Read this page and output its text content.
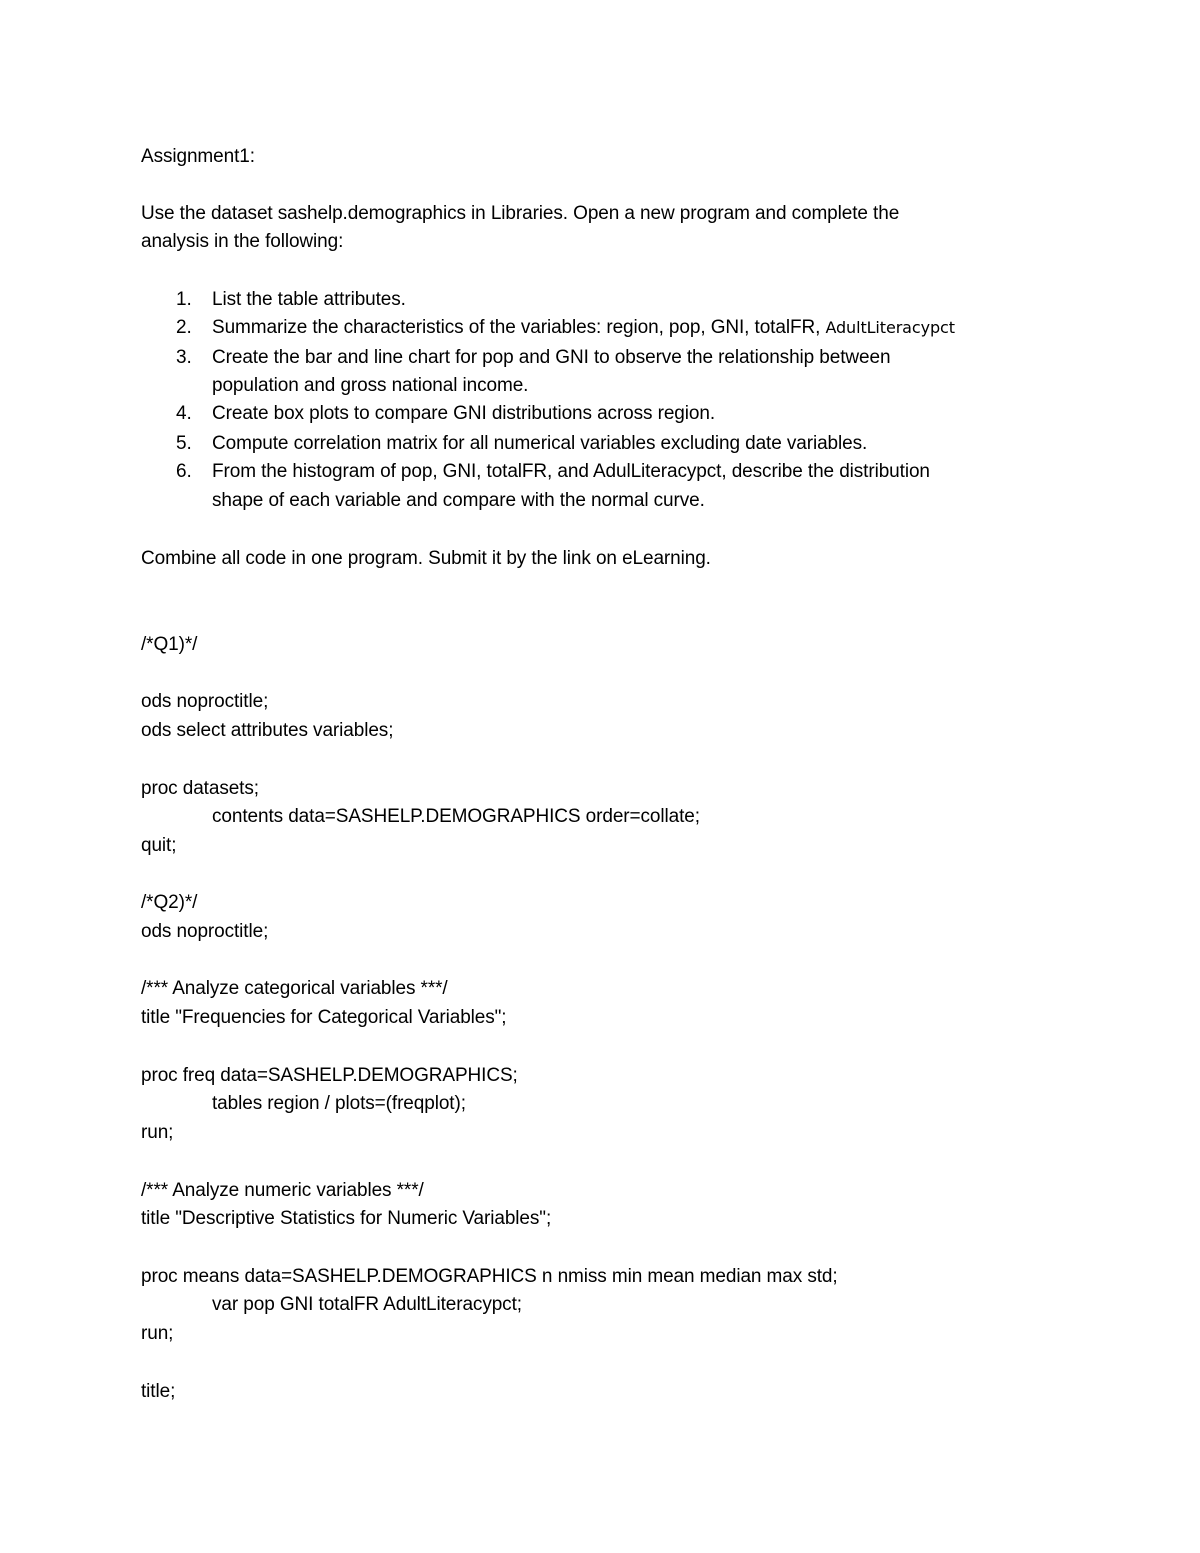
Assignment1:
Use the dataset sashelp.demographics in Libraries. Open a new program and complete the
analysis in the following:
1. List the table attributes.
2. Summarize the characteristics of the variables: region, pop, GNI, totalFR, AdultLiteracypct
3. Create the bar and line chart for pop and GNI to observe the relationship between
population and gross national income.
4. Create box plots to compare GNI distributions across region.
5. Compute correlation matrix for all numerical variables excluding date variables.
6. From the histogram of pop, GNI, totalFR, and AdulLiteracypct, describe the distribution
shape of each variable and compare with the normal curve.
Combine all code in one program. Submit it by the link on eLearning.
/*Q1)*/
ods noproctitle;
ods select attributes variables;
proc datasets;
contents data=SASHELP.DEMOGRAPHICS order=collate;
quit;
/*Q2)*/
ods noproctitle;
/*** Analyze categorical variables ***/
title "Frequencies for Categorical Variables";
proc freq data=SASHELP.DEMOGRAPHICS;
tables region / plots=(freqplot);
run;
/*** Analyze numeric variables ***/
title "Descriptive Statistics for Numeric Variables";
proc means data=SASHELP.DEMOGRAPHICS n nmiss min mean median max std;
var pop GNI totalFR AdultLiteracypct;
run;
title;
